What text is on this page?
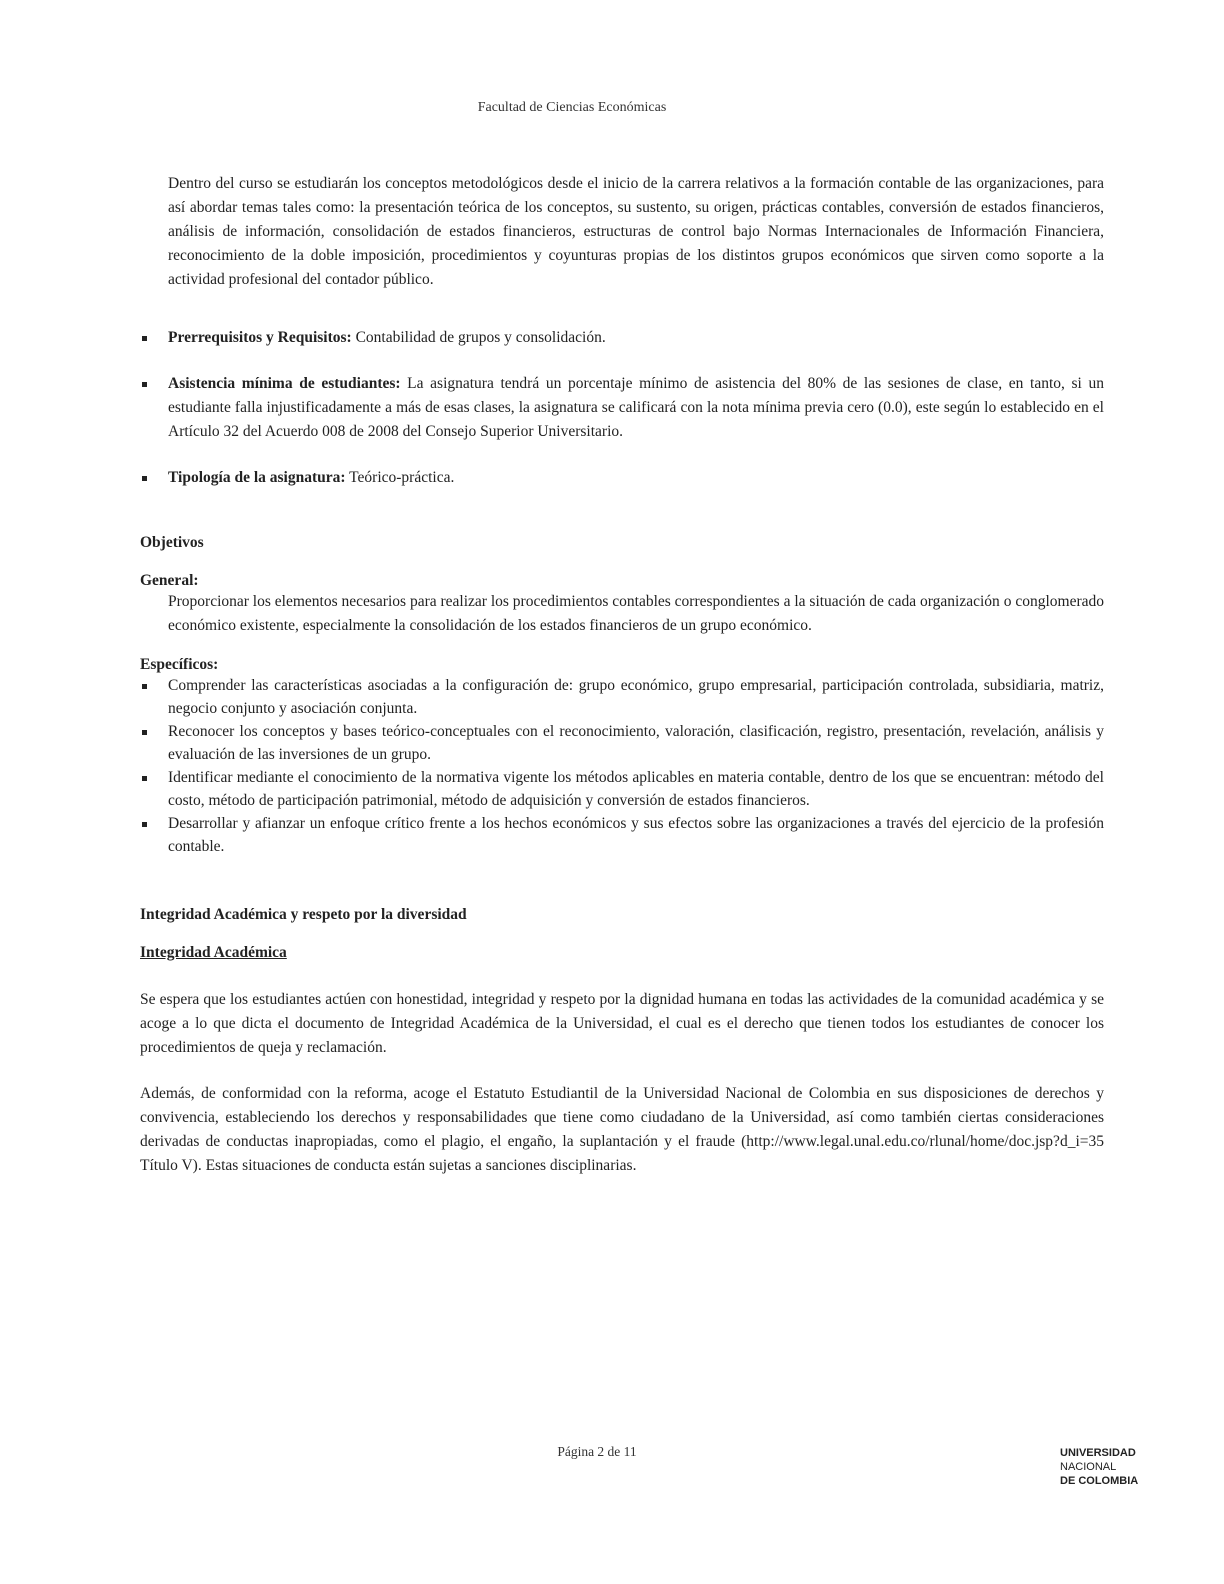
Facultad de Ciencias Económicas

Dentro del curso se estudiarán los conceptos metodológicos desde el inicio de la carrera relativos a la formación contable de las organizaciones, para así abordar temas tales como: la presentación teórica de los conceptos, su sustento, su origen, prácticas contables, conversión de estados financieros, análisis de información, consolidación de estados financieros, estructuras de control bajo Normas Internacionales de Información Financiera, reconocimiento de la doble imposición, procedimientos y coyunturas propias de los distintos grupos económicos que sirven como soporte a la actividad profesional del contador público.

Prerrequisitos y Requisitos: Contabilidad de grupos y consolidación.
Asistencia mínima de estudiantes: La asignatura tendrá un porcentaje mínimo de asistencia del 80% de las sesiones de clase, en tanto, si un estudiante falla injustificadamente a más de esas clases, la asignatura se calificará con la nota mínima previa cero (0.0), este según lo establecido en el Artículo 32 del Acuerdo 008 de 2008 del Consejo Superior Universitario.
Tipología de la asignatura: Teórico-práctica.

Objetivos

General:

Proporcionar los elementos necesarios para realizar los procedimientos contables correspondientes a la situación de cada organización o conglomerado económico existente, especialmente la consolidación de los estados financieros de un grupo económico.

Específicos:

Comprender las características asociadas a la configuración de: grupo económico, grupo empresarial, participación controlada, subsidiaria, matriz, negocio conjunto y asociación conjunta.
Reconocer los conceptos y bases teórico-conceptuales con el reconocimiento, valoración, clasificación, registro, presentación, revelación, análisis y evaluación de las inversiones de un grupo.
Identificar mediante el conocimiento de la normativa vigente los métodos aplicables en materia contable, dentro de los que se encuentran: método del costo, método de participación patrimonial, método de adquisición y conversión de estados financieros.
Desarrollar y afianzar un enfoque crítico frente a los hechos económicos y sus efectos sobre las organizaciones a través del ejercicio de la profesión contable.

Integridad Académica y respeto por la diversidad

Integridad Académica

Se espera que los estudiantes actúen con honestidad, integridad y respeto por la dignidad humana en todas las actividades de la comunidad académica y se acoge a lo que dicta el documento de Integridad Académica de la Universidad, el cual es el derecho que tienen todos los estudiantes de conocer los procedimientos de queja y reclamación.

Además, de conformidad con la reforma, acoge el Estatuto Estudiantil de la Universidad Nacional de Colombia en sus disposiciones de derechos y convivencia, estableciendo los derechos y responsabilidades que tiene como ciudadano de la Universidad, así como también ciertas consideraciones derivadas de conductas inapropiadas, como el plagio, el engaño, la suplantación y el fraude (http://www.legal.unal.edu.co/rlunal/home/doc.jsp?d_i=35 Título V). Estas situaciones de conducta están sujetas a sanciones disciplinarias.

Página 2 de 11	UNIVERSIDAD
NACIONAL
DE COLOMBIA
